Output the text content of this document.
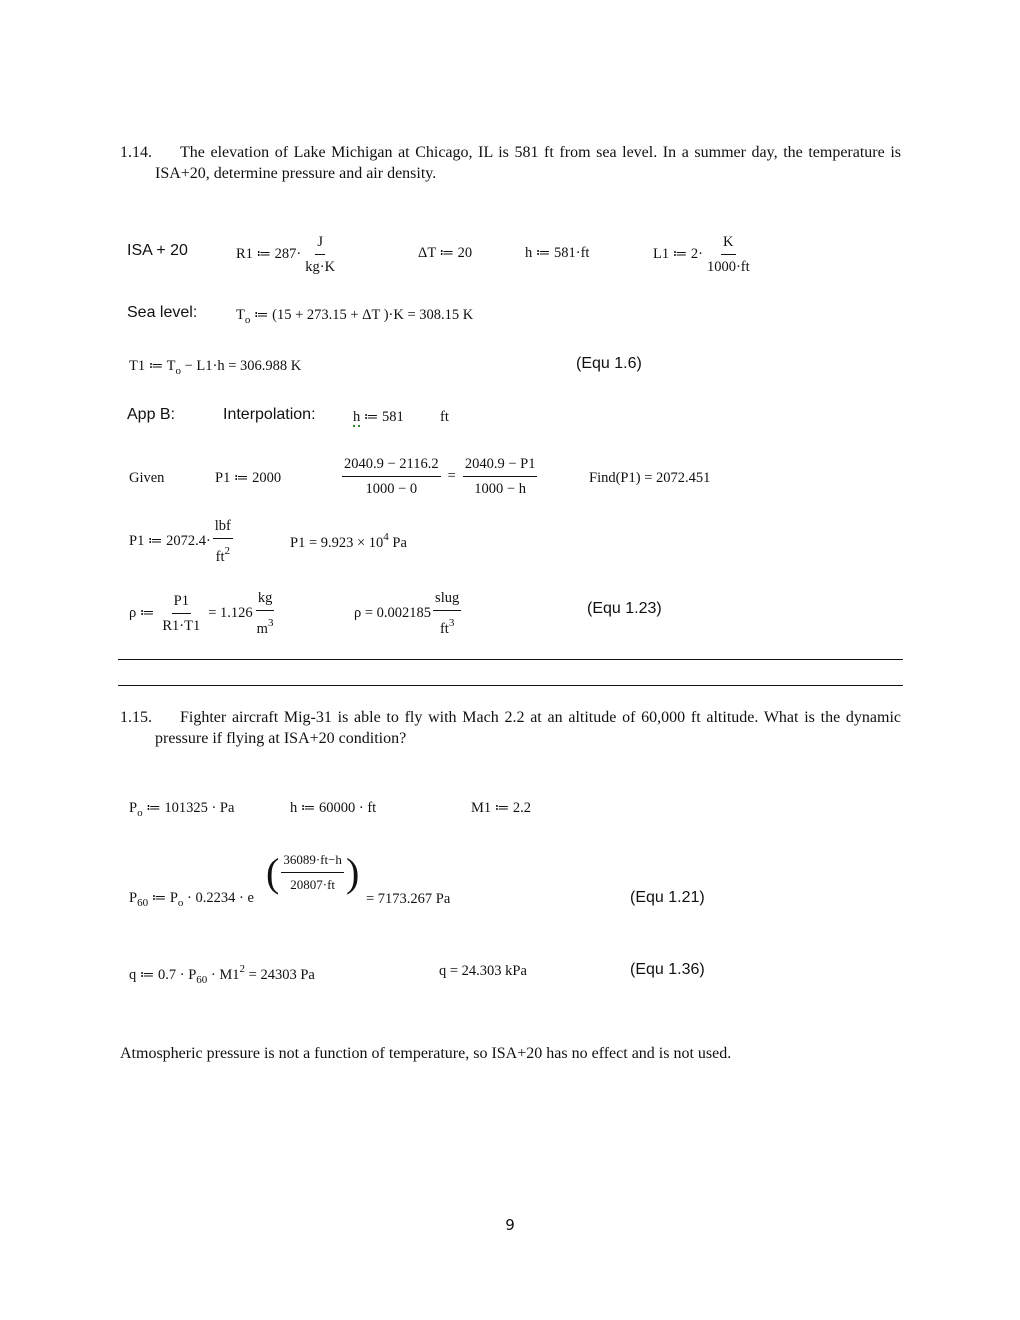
1.14. The elevation of Lake Michigan at Chicago, IL is 581 ft from sea level. In a summer day, the temperature is ISA+20, determine pressure and air density.
ISA + 20	R1 ≔ $287\cdot \frac{J}{kg\cdot K}$	ΔT ≔ 20	h ≔ 581·ft	L1 ≔ $2\cdot \frac{K}{1000\cdot ft}$
Sea level:	$T_o$ ≔ (15 + 273.15 + ΔT )·K = 308.15 K
T1 ≔ $T_o - L1\cdot h = 306.988$ K	(Equ 1.6)
App B:	Interpolation:	h ≔ 581	ft
Given	P1 ≔ 2000	$\frac{2040.9 - 2116.2}{1000 - 0} = \frac{2040.9 - P1}{1000 - h}$	Find(P1) = 2072.451
P1 ≔ $2072.4\cdot \frac{\text{lbf}}{ft^2}$	$P1 = 9.923 \times 10^4$ Pa
ρ ≔ $\frac{P1}{R1\cdot T1} = 1.126 \frac{kg}{m^3}$	$\rho = 0.002185 \frac{\text{slug}}{ft^3}$	(Equ 1.23)
1.15. Fighter aircraft Mig-31 is able to fly with Mach 2.2 at an altitude of 60,000 ft altitude. What is the dynamic pressure if flying at ISA+20 condition?
$P_o$ ≔ 101325 · Pa	h ≔ 60000 · ft	M1 ≔ 2.2
$P_{60}$ ≔ $P_o \cdot 0.2234 \cdot e$
( $\frac{36089\cdot ft-h}{20807\cdot ft}$ )
= 7173.267 Pa	(Equ 1.21)
q ≔ $0.7 \cdot P_{60} \cdot M1^2 = 24303$ Pa	q = 24.303 kPa	(Equ 1.36)
Atmospheric pressure is not a function of temperature, so ISA+20 has no effect and is not used.
9
